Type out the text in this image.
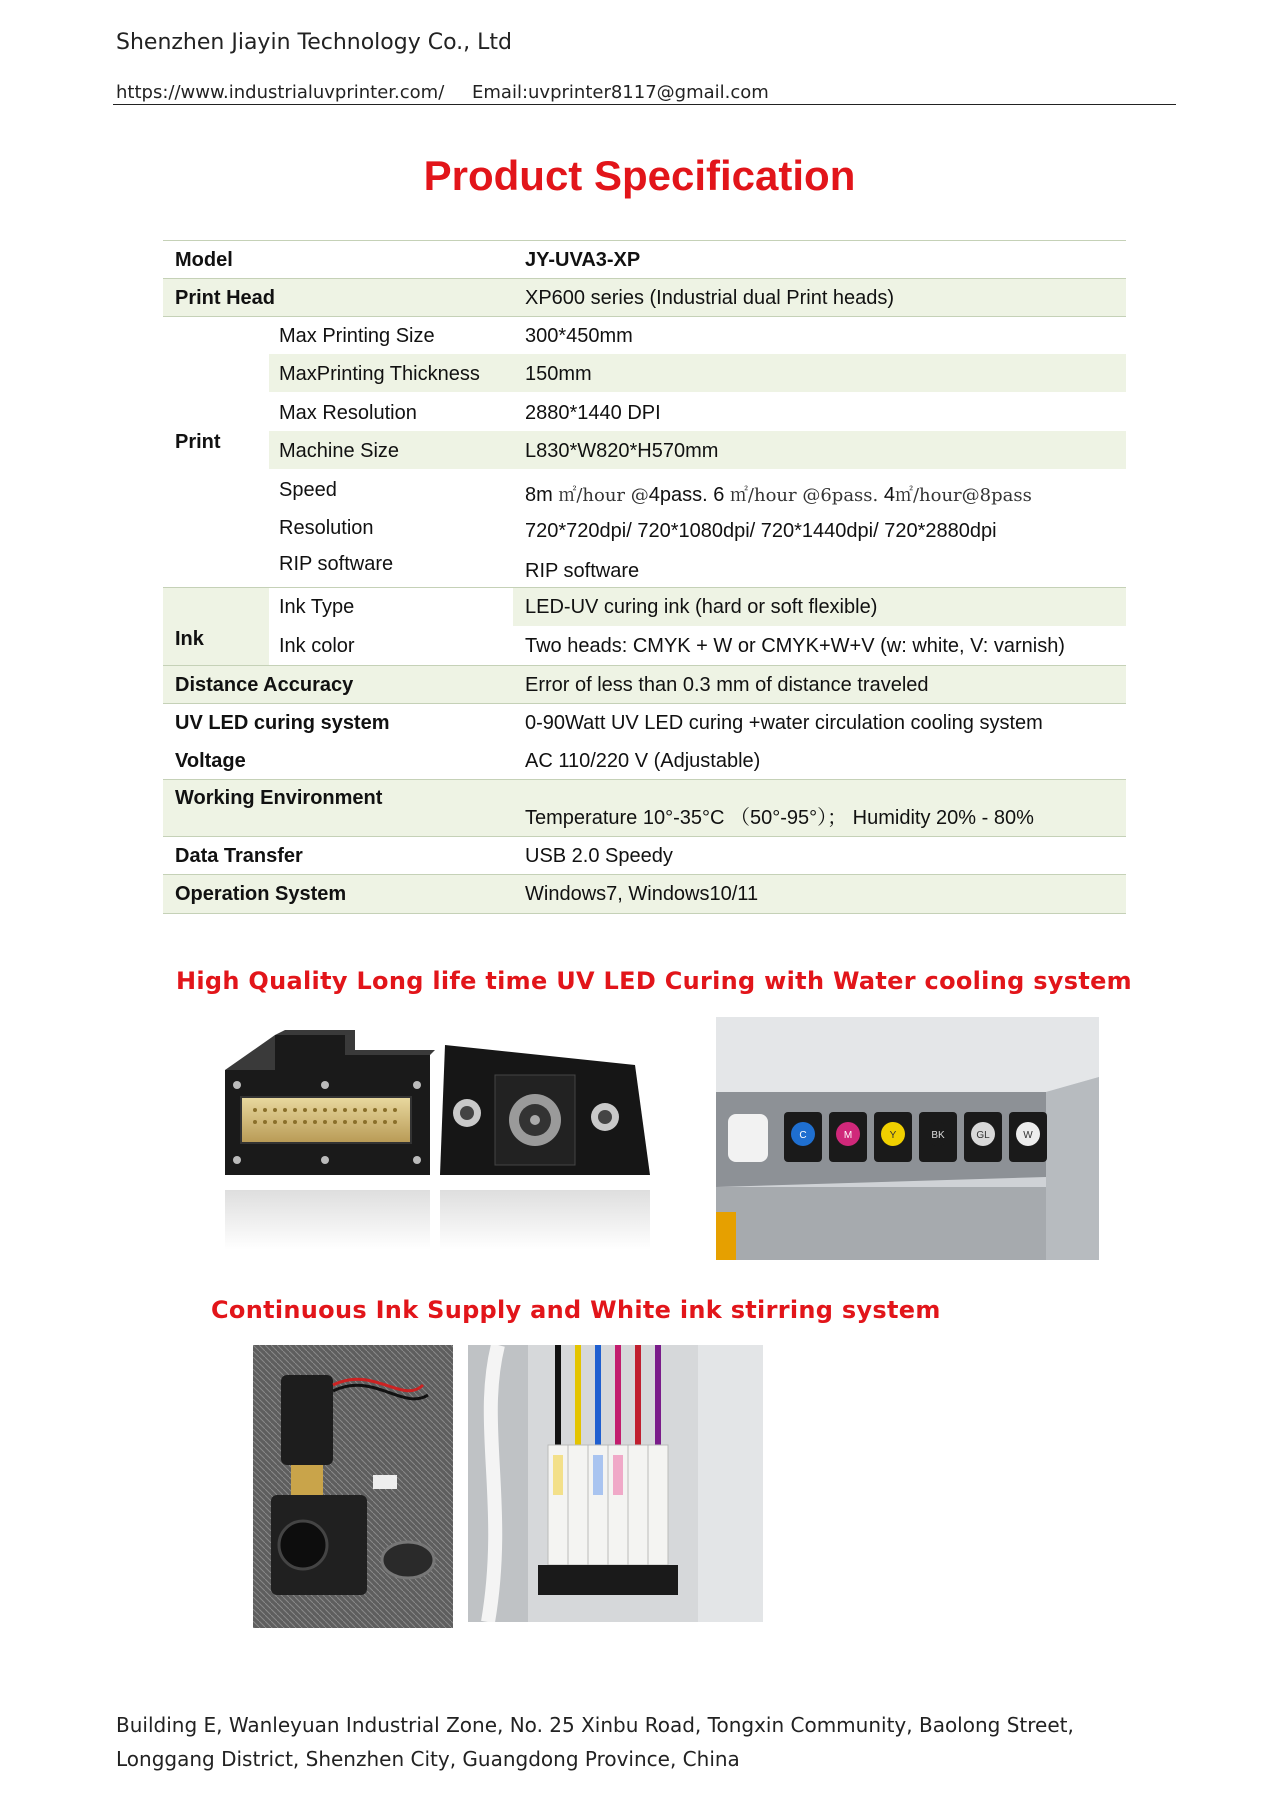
Shenzhen Jiayin Technology Co., Ltd
https://www.industrialuvprinter.com/ Email:uvprinter8117@gmail.com
Product Specification
Model	JY-UVA3-XP
Print Head	XP600 series (Industrial dual Print heads)
Print
Max Printing Size	300*450mm
MaxPrinting Thickness 150mm
Max Resolution	2880*1440 DPI
Machine Size	L830*W820*H570mm
Speed	8m ㎡/hour @4pass. 6 ㎡/hour @6pass. 4㎡/hour@8pass
Resolution	720*720dpi/ 720*1080dpi/ 720*1440dpi/ 720*2880dpi
RIP software	RIP software
Ink
Ink Type	LED-UV curing ink (hard or soft flexible)
Ink color	Two heads: CMYK + W or CMYK+W+V (w: white, V: varnish)
Distance Accuracy	Error of less than 0.3 mm of distance traveled
UV LED curing system	0-90Watt UV LED curing +water circulation cooling system
Voltage	AC 110/220 V (Adjustable)
Working Environment
Temperature 10°-35°C （50°-95°）； Humidity 20% - 80%
Data Transfer	USB 2.0 Speedy
Operation System	Windows7, Windows10/11
High Quality Long life time UV LED Curing with Water cooling system
C	M	Y	BK	GL	W
Continuous Ink Supply and White ink stirring system
Building E, Wanleyuan Industrial Zone, No. 25 Xinbu Road, Tongxin Community, Baolong Street, Longgang District, Shenzhen City, Guangdong Province, China
